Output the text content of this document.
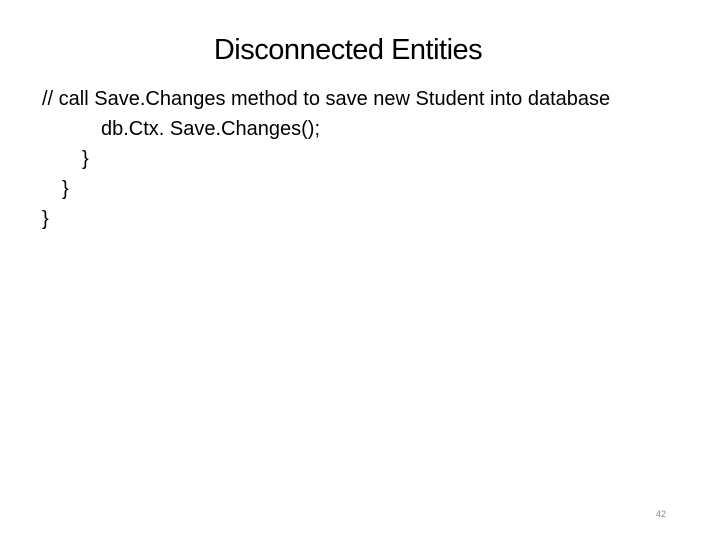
Disconnected Entities
// call Save.Changes method to save new Student into database
db.Ctx. Save.Changes();
}
}
}
42
